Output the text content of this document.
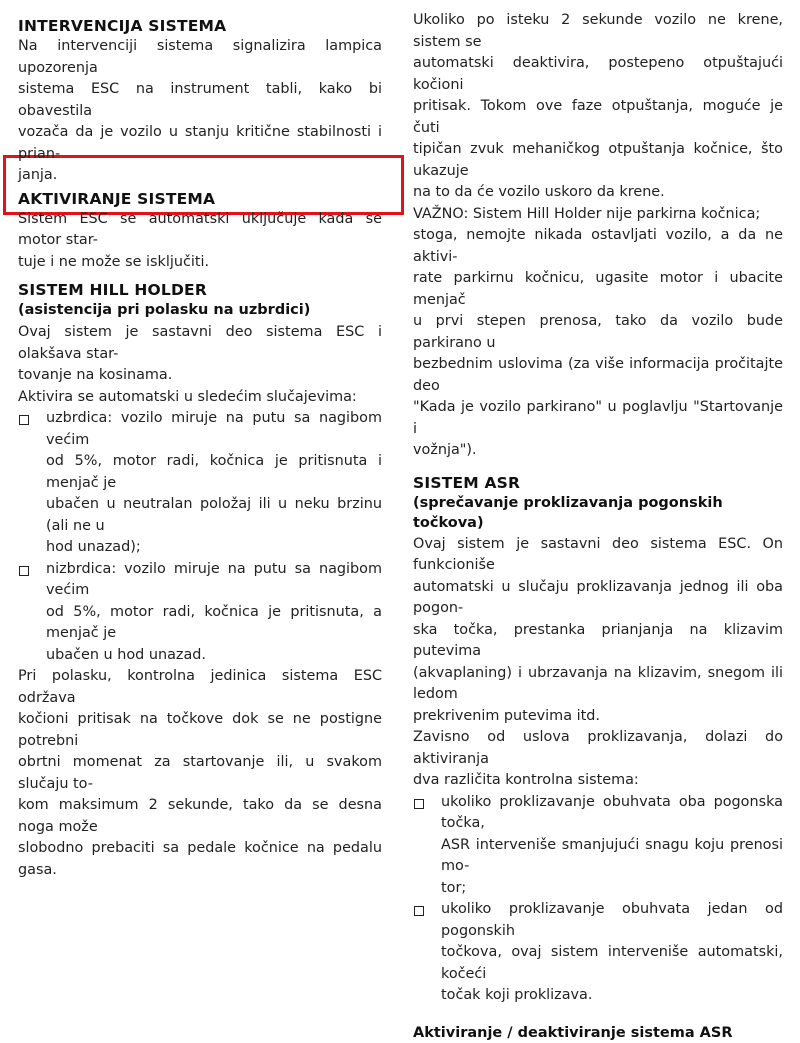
INTERVENCIJA SISTEMA

Na intervenciji sistema signalizira lampica upozorenja

sistema ESC na instrument tabli, kako bi obavestila

vozača da je vozilo u stanju kritične stabilnosti i prian-

janja.

AKTIVIRANJE SISTEMA

Sistem ESC se automatski uključuje kada se motor star-

tuje i ne može se isključiti.

SISTEM HILL HOLDER
(asistencija pri polasku na uzbrdici)

Ovaj sistem je sastavni deo sistema ESC i olakšava star-

tovanje na kosinama.

Aktivira se automatski u sledećim slučajevima:

uzbrdica: vozilo miruje na putu sa nagibom većim

od 5%, motor radi, kočnica je pritisnuta i menjač je

ubačen u neutralan položaj ili u neku brzinu (ali ne u

hod unazad);

nizbrdica: vozilo miruje na putu sa nagibom većim

od 5%, motor radi, kočnica je pritisnuta, a menjač je

ubačen u hod unazad.

Pri polasku, kontrolna jedinica sistema ESC održava

kočioni pritisak na točkove dok se ne postigne potrebni

obrtni momenat za startovanje ili, u svakom slučaju to-

kom maksimum 2 sekunde, tako da se desna noga može

slobodno prebaciti sa pedale kočnice na pedalu gasa.

Ukoliko po isteku 2 sekunde vozilo ne krene, sistem se

automatski deaktivira, postepeno otpuštajući kočioni

pritisak. Tokom ove faze otpuštanja, moguće je čuti

tipičan zvuk mehaničkog otpuštanja kočnice, što ukazuje

na to da će vozilo uskoro da krene.

VAŽNO: Sistem Hill Holder nije parkirna kočnica;

stoga, nemojte nikada ostavljati vozilo, a da ne aktivi-

rate parkirnu kočnicu, ugasite motor i ubacite menjač

u prvi stepen prenosa, tako da vozilo bude parkirano u

bezbednim uslovima (za više informacija pročitajte deo

"Kada je vozilo parkirano" u poglavlju "Startovanje i

vožnja").

SISTEM ASR
(sprečavanje proklizavanja pogonskih točkova)

Ovaj sistem je sastavni deo sistema ESC. On funkcioniše

automatski u slučaju proklizavanja jednog ili oba pogon-

ska točka, prestanka prianjanja na klizavim putevima

(akvaplaning) i ubrzavanja na klizavim, snegom ili ledom

prekrivenim putevima itd.

Zavisno od uslova proklizavanja, dolazi do aktiviranja

dva različita kontrolna sistema:

ukoliko proklizavanje obuhvata oba pogonska točka,

ASR interveniše smanjujući snagu koju prenosi mo-

tor;

ukoliko proklizavanje obuhvata jedan od pogonskih

točkova, ovaj sistem interveniše automatski, kočeći

točak koji proklizava.

Aktiviranje / deaktiviranje sistema ASR
